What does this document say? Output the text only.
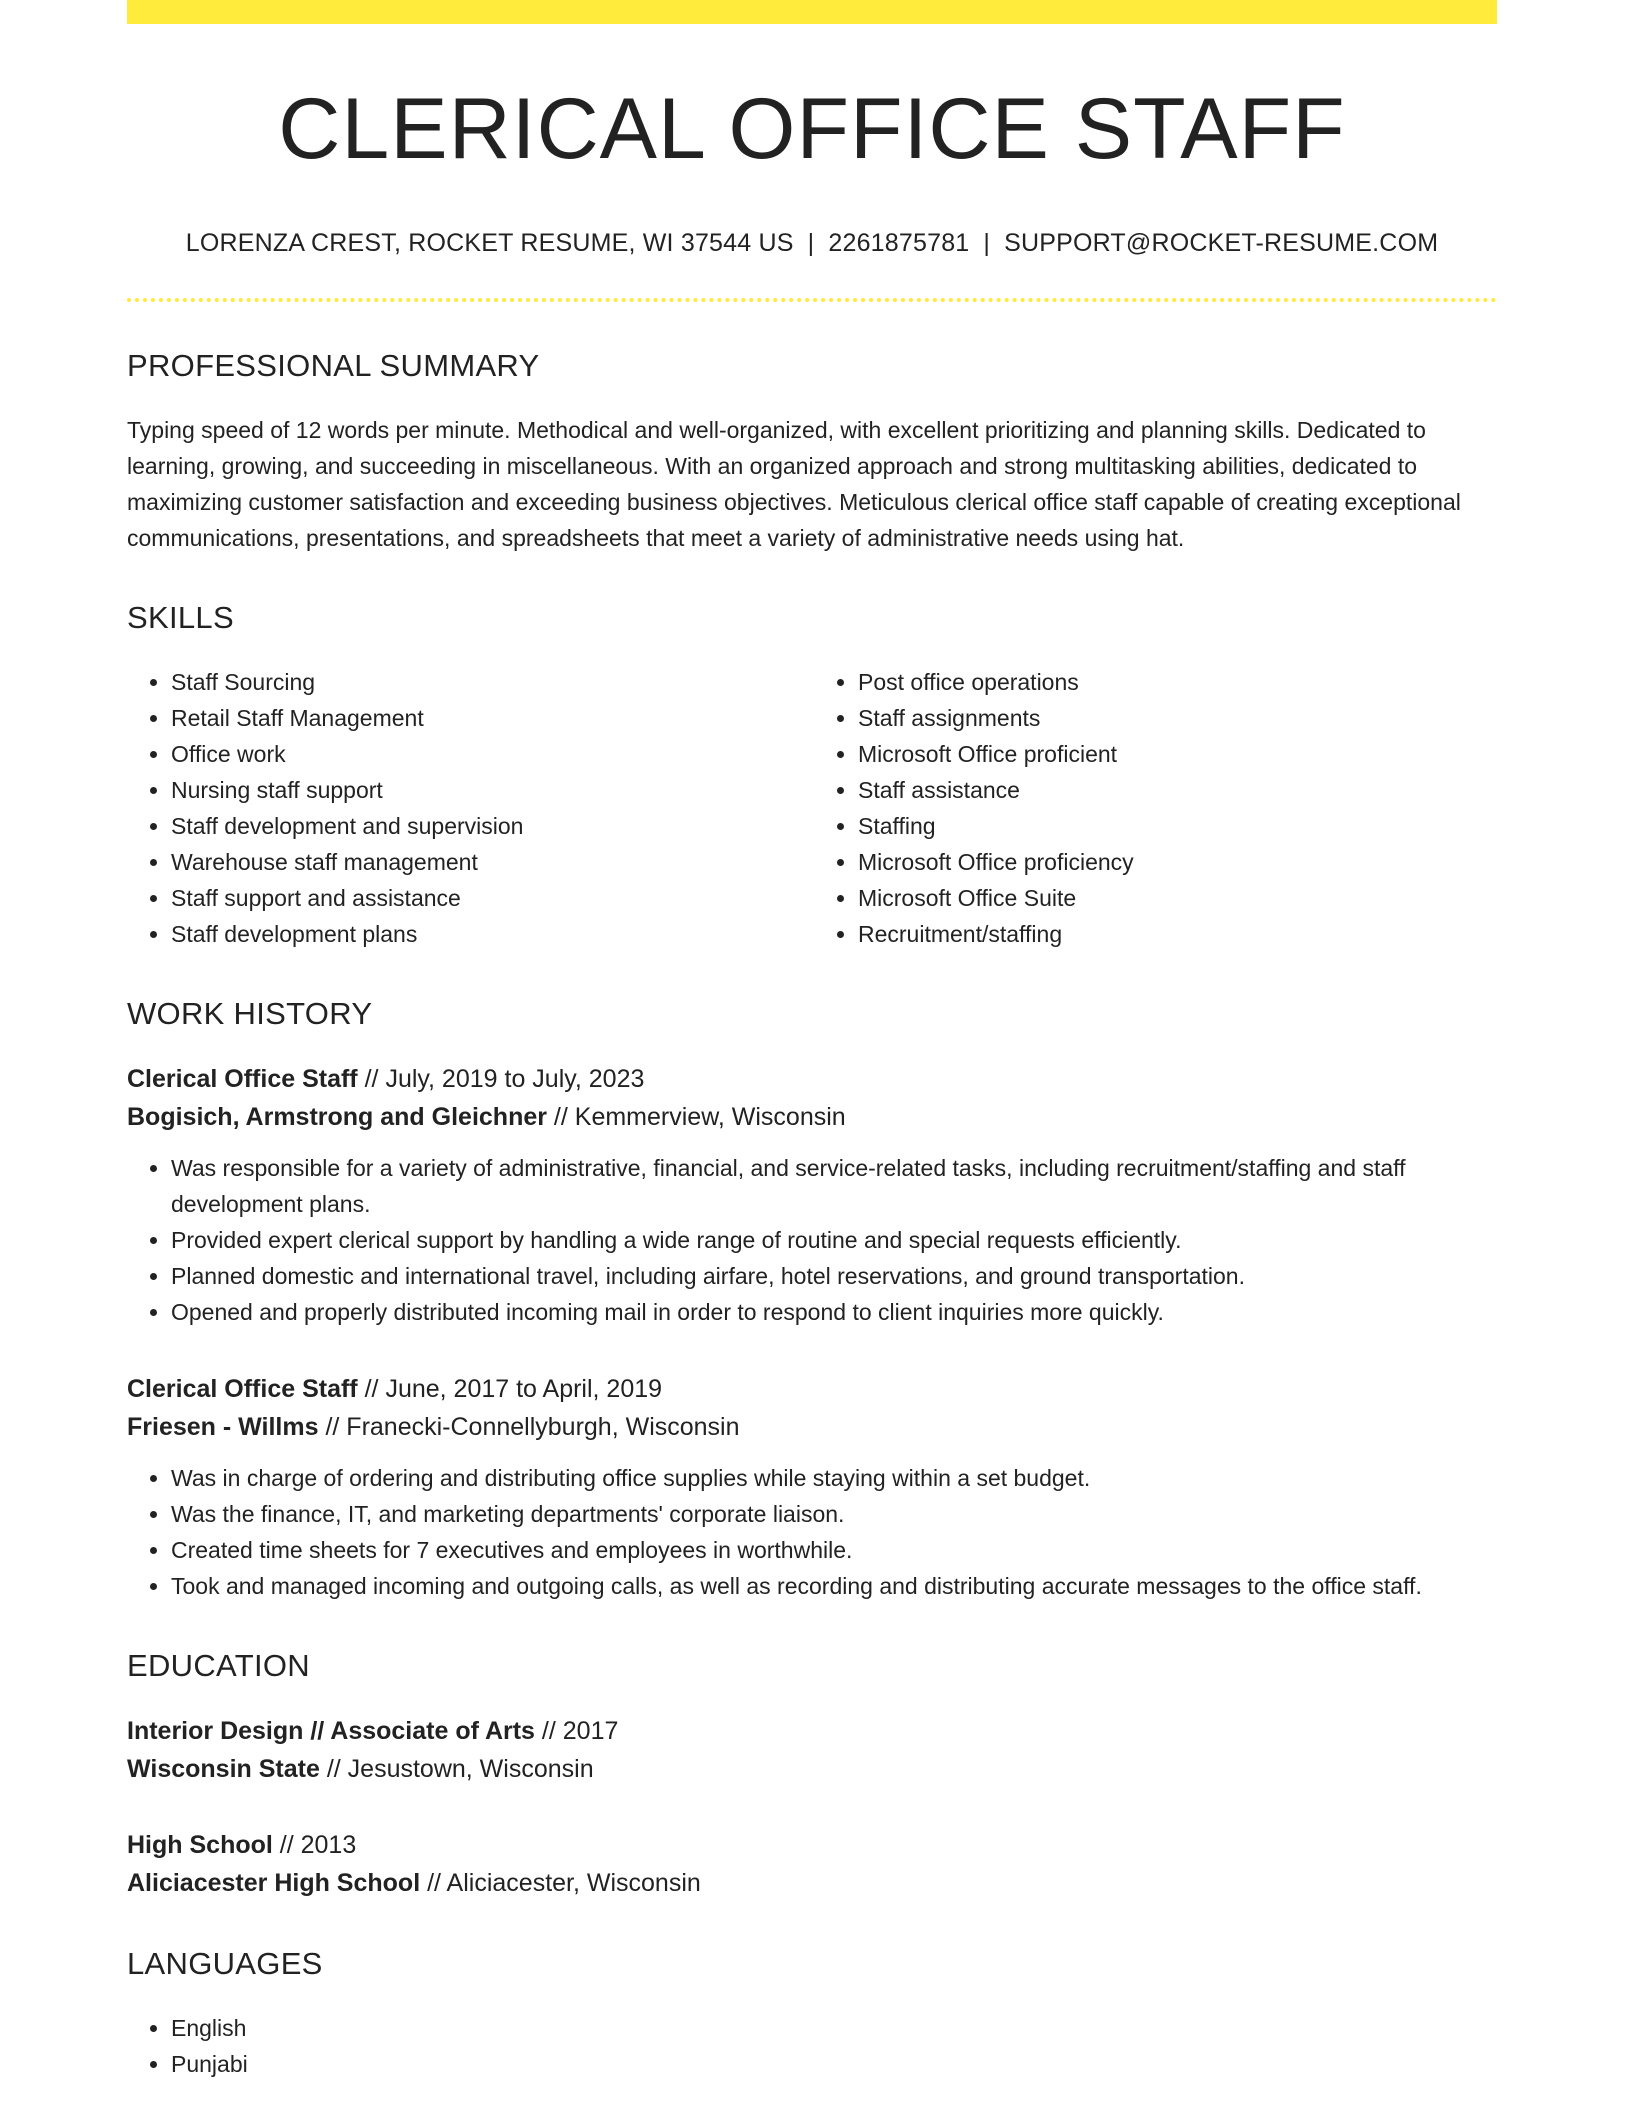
CLERICAL OFFICE STAFF
LORENZA CREST, ROCKET RESUME, WI 37544 US | 2261875781 | SUPPORT@ROCKET-RESUME.COM
PROFESSIONAL SUMMARY

Typing speed of 12 words per minute. Methodical and well-organized, with excellent prioritizing and planning skills. Dedicated to learning, growing, and succeeding in miscellaneous. With an organized approach and strong multitasking abilities, dedicated to maximizing customer satisfaction and exceeding business objectives. Meticulous clerical office staff capable of creating exceptional communications, presentations, and spreadsheets that meet a variety of administrative needs using hat.

SKILLS
• Staff Sourcing
• Retail Staff Management
• Office work
• Nursing staff support
• Staff development and supervision
• Warehouse staff management
• Staff support and assistance
• Staff development plans
• Post office operations
• Staff assignments
• Microsoft Office proficient
• Staff assistance
• Staffing
• Microsoft Office proficiency
• Microsoft Office Suite
• Recruitment/staffing
WORK HISTORY
Clerical Office Staff // July, 2019 to July, 2023
Bogisich, Armstrong and Gleichner // Kemmerview, Wisconsin
• Was responsible for a variety of administrative, financial, and service-related tasks, including recruitment/staffing and staff development plans.
• Provided expert clerical support by handling a wide range of routine and special requests efficiently.
• Planned domestic and international travel, including airfare, hotel reservations, and ground transportation.
• Opened and properly distributed incoming mail in order to respond to client inquiries more quickly.
Clerical Office Staff // June, 2017 to April, 2019
Friesen - Willms // Franecki-Connellyburgh, Wisconsin
• Was in charge of ordering and distributing office supplies while staying within a set budget.
• Was the finance, IT, and marketing departments' corporate liaison.
• Created time sheets for 7 executives and employees in worthwhile.
• Took and managed incoming and outgoing calls, as well as recording and distributing accurate messages to the office staff.
EDUCATION
Interior Design // Associate of Arts // 2017
Wisconsin State // Jesustown, Wisconsin
High School // 2013
Aliciacester High School // Aliciacester, Wisconsin
LANGUAGES
• English
• Punjabi
